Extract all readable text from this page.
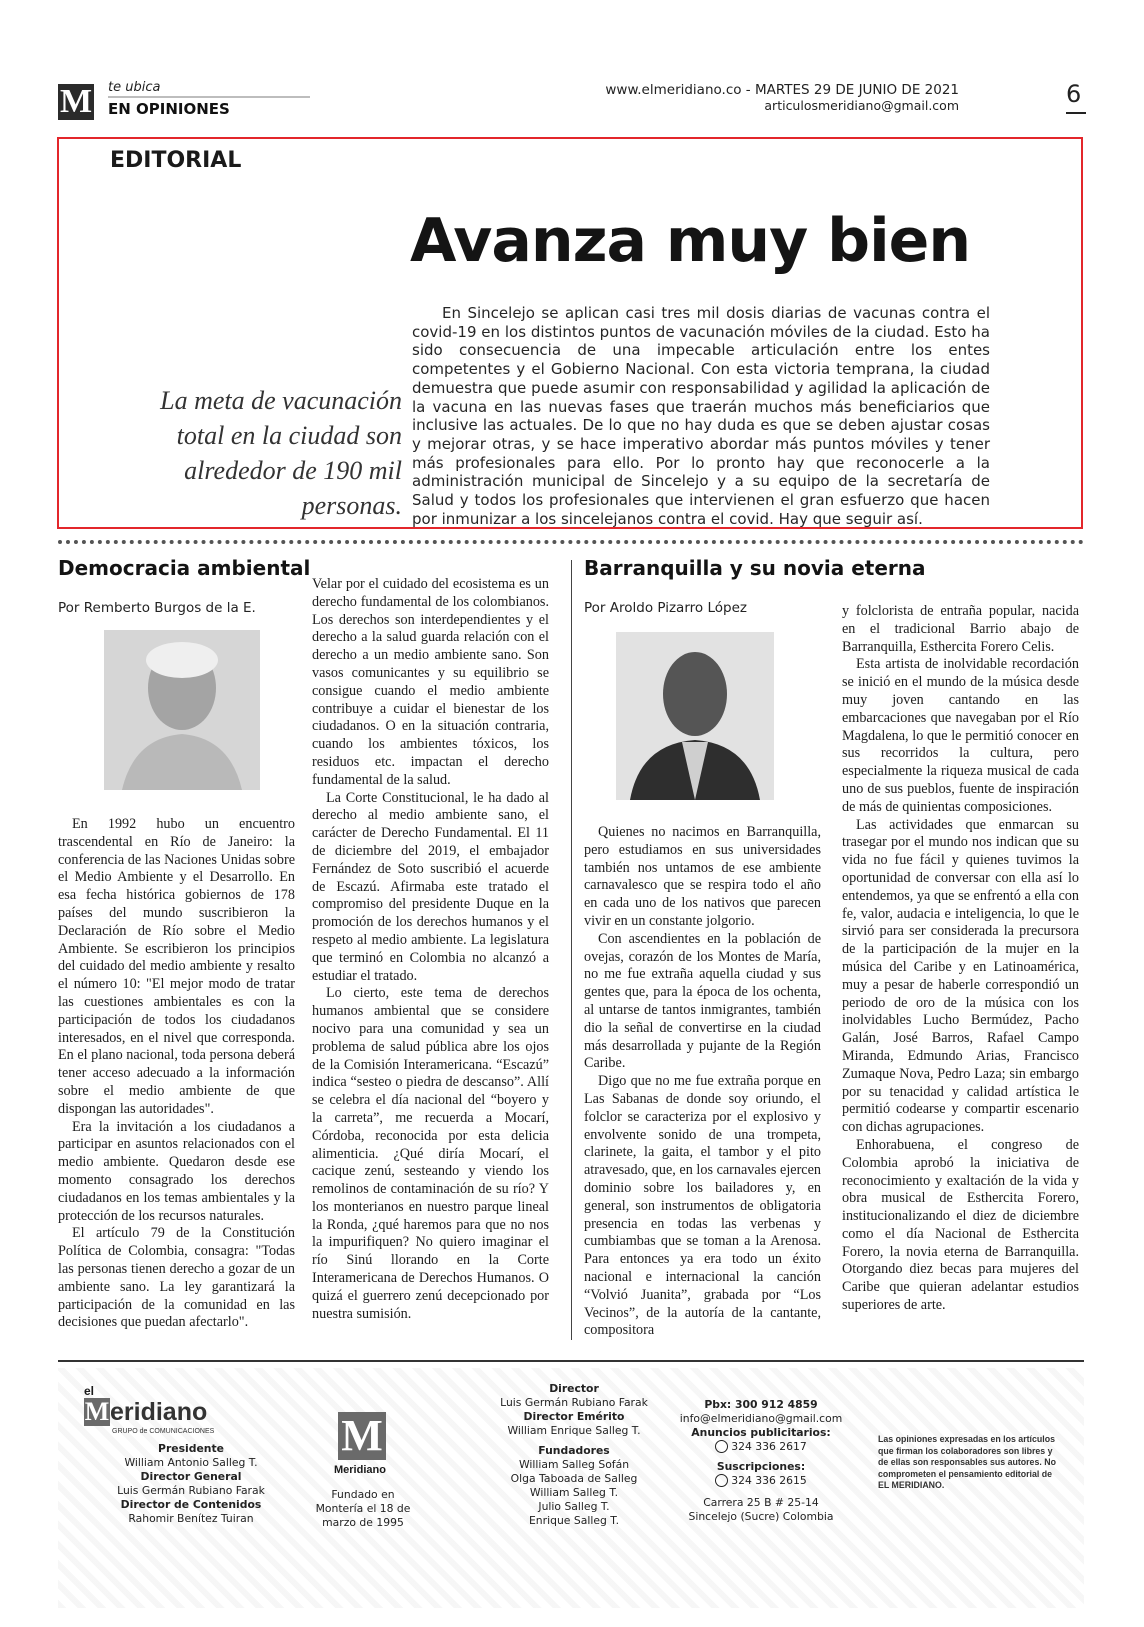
M te ubica
EN OPINIONES
www.elmeridiano.co - MARTES 29 DE JUNIO DE 2021
articulosmeridiano@gmail.com	6
EDITORIAL
Avanza muy bien
La meta de vacunación total en la ciudad son alrededor de 190 mil personas.
En Sincelejo se aplican casi tres mil dosis diarias de vacunas contra el covid-19 en los distintos puntos de vacunación móviles de la ciudad. Esto ha sido consecuencia de una impecable articulación entre los entes competentes y el Gobierno Nacional. Con esta victoria temprana, la ciudad demuestra que puede asumir con responsabilidad y agilidad la aplicación de la vacuna en las nuevas fases que traerán muchos más beneficiarios que inclusive las actuales. De lo que no hay duda es que se deben ajustar cosas y mejorar otras, y se hace imperativo abordar más puntos móviles y tener más profesionales para ello. Por lo pronto hay que reconocerle a la administración municipal de Sincelejo y a su equipo de la secretaría de Salud y todos los profesionales que intervienen el gran esfuerzo que hacen por inmunizar a los sincelejanos contra el covid. Hay que seguir así.
Democracia ambiental
Por Remberto Burgos de la E.

En 1992 hubo un encuentro trascendental en Río de Janeiro: la conferencia de las Naciones Unidas sobre el Medio Ambiente y el Desarrollo. En esa fecha histórica gobiernos de 178 países del mundo suscribieron la Declaración de Río sobre el Medio Ambiente. Se escribieron los principios del cuidado del medio ambiente y resalto el número 10: "El mejor modo de tratar las cuestiones ambientales es con la participación de todos los ciudadanos interesados, en el nivel que corresponda. En el plano nacional, toda persona deberá tener acceso adecuado a la información sobre el medio ambiente de que dispongan las autoridades".

Era la invitación a los ciudadanos a participar en asuntos relacionados con el medio ambiente. Quedaron desde ese momento consagrado los derechos ciudadanos en los temas ambientales y la protección de los recursos naturales.

El artículo 79 de la Constitución Política de Colombia, consagra: "Todas las personas tienen derecho a gozar de un ambiente sano. La ley garantizará la participación de la comunidad en las decisiones que puedan afectarlo".

Velar por el cuidado del ecosistema es un derecho fundamental de los colombianos. Los derechos son interdependientes y el derecho a la salud guarda relación con el derecho a un medio ambiente sano. Son vasos comunicantes y su equilibrio se consigue cuando el medio ambiente contribuye a cuidar el bienestar de los ciudadanos. O en la situación contraria, cuando los ambientes tóxicos, los residuos etc. impactan el derecho fundamental de la salud.

La Corte Constitucional, le ha dado al derecho al medio ambiente sano, el carácter de Derecho Fundamental. El 11 de diciembre del 2019, el embajador Fernández de Soto suscribió el acuerde de Escazú. Afirmaba este tratado el compromiso del presidente Duque en la promoción de los derechos humanos y el respeto al medio ambiente. La legislatura que terminó en Colombia no alcanzó a estudiar el tratado.

Lo cierto, este tema de derechos humanos ambiental que se considere nocivo para una comunidad y sea un problema de salud pública abre los ojos de la Comisión Interamericana. “Escazú” indica “sesteo o piedra de descanso”. Allí se celebra el día nacional del “boyero y la carreta”, me recuerda a Mocarí, Córdoba, reconocida por esta delicia alimenticia. ¿Qué diría Mocarí, el cacique zenú, sesteando y viendo los remolinos de contaminación de su río? Y los monterianos en nuestro parque lineal la Ronda, ¿qué haremos para que no nos la impurifiquen? No quiero imaginar el río Sinú llorando en la Corte Interamericana de Derechos Humanos. O quizá el guerrero zenú decepcionado por nuestra sumisión.

Barranquilla y su novia eterna
Por Aroldo Pizarro López

Quienes no nacimos en Barranquilla, pero estudiamos en sus universidades también nos untamos de ese ambiente carnavalesco que se respira todo el año en cada uno de los nativos que parecen vivir en un constante jolgorio.

Con ascendientes en la población de ovejas, corazón de los Montes de María, no me fue extraña aquella ciudad y sus gentes que, para la época de los ochenta, al untarse de tantos inmigrantes, también dio la señal de convertirse en la ciudad más desarrollada y pujante de la Región Caribe.

Digo que no me fue extraña porque en Las Sabanas de donde soy oriundo, el folclor se caracteriza por el explosivo y envolvente sonido de una trompeta, clarinete, la gaita, el tambor y el pito atravesado, que, en los carnavales ejercen dominio sobre los bailadores y, en general, son instrumentos de obligatoria presencia en todas las verbenas y cumbiambas que se toman a la Arenosa. Para entonces ya era todo un éxito nacional e internacional la canción “Volvió Juanita”, grabada por “Los Vecinos”, de la autoría de la cantante, compositora

y folclorista de entraña popular, nacida en el tradicional Barrio abajo de Barranquilla, Esthercita Forero Celis.

Esta artista de inolvidable recordación se inició en el mundo de la música desde muy joven cantando en las embarcaciones que navegaban por el Río Magdalena, lo que le permitió conocer en sus recorridos la cultura, pero especialmente la riqueza musical de cada uno de sus pueblos, fuente de inspiración de más de quinientas composiciones.

Las actividades que enmarcan su trasegar por el mundo nos indican que su vida no fue fácil y quienes tuvimos la oportunidad de conversar con ella así lo entendemos, ya que se enfrentó a ella con fe, valor, audacia e inteligencia, lo que le sirvió para ser considerada la precursora de la participación de la mujer en la música del Caribe y en Latinoamérica, muy a pesar de haberle correspondió un periodo de oro de la música con los inolvidables Lucho Bermúdez, Pacho Galán, José Barros, Rafael Campo Miranda, Edmundo Arias, Francisco Zumaque Nova, Pedro Laza; sin embargo por su tenacidad y calidad artística le permitió codearse y compartir escenario con dichas agrupaciones.

Enhorabuena, el congreso de Colombia aprobó la iniciativa de reconocimiento y exaltación de la vida y obra musical de Esthercita Forero, institucionalizando el diez de diciembre como el día Nacional de Esthercita Forero, la novia eterna de Barranquilla. Otorgando diez becas para mujeres del Caribe que quieran adelantar estudios superiores de arte.

el
Meridiano
GRUPO de COMUNICACIONES
Presidente
William Antonio Salleg T.
Director General
Luis Germán Rubiano Farak
Director de Contenidos
Rahomir Benítez Tuiran
M
Meridiano
Fundado en Montería el 18 de marzo de 1995
Director
Luis Germán Rubiano Farak
Director Emérito
William Enrique Salleg T.
Fundadores
William Salleg Sofán
Olga Taboada de Salleg
William Salleg T.
Julio Salleg T.
Enrique Salleg T.
Pbx: 300 912 4859
info@elmeridiano@gmail.com
Anuncios publicitarios:
324 336 2617
Suscripciones:
324 336 2615
Carrera 25 B # 25-14
Sincelejo (Sucre) Colombia
Las opiniones expresadas en los artículos que firman los colaboradores son libres y de ellas son responsables sus autores. No comprometen el pensamiento editorial de EL MERIDIANO.
